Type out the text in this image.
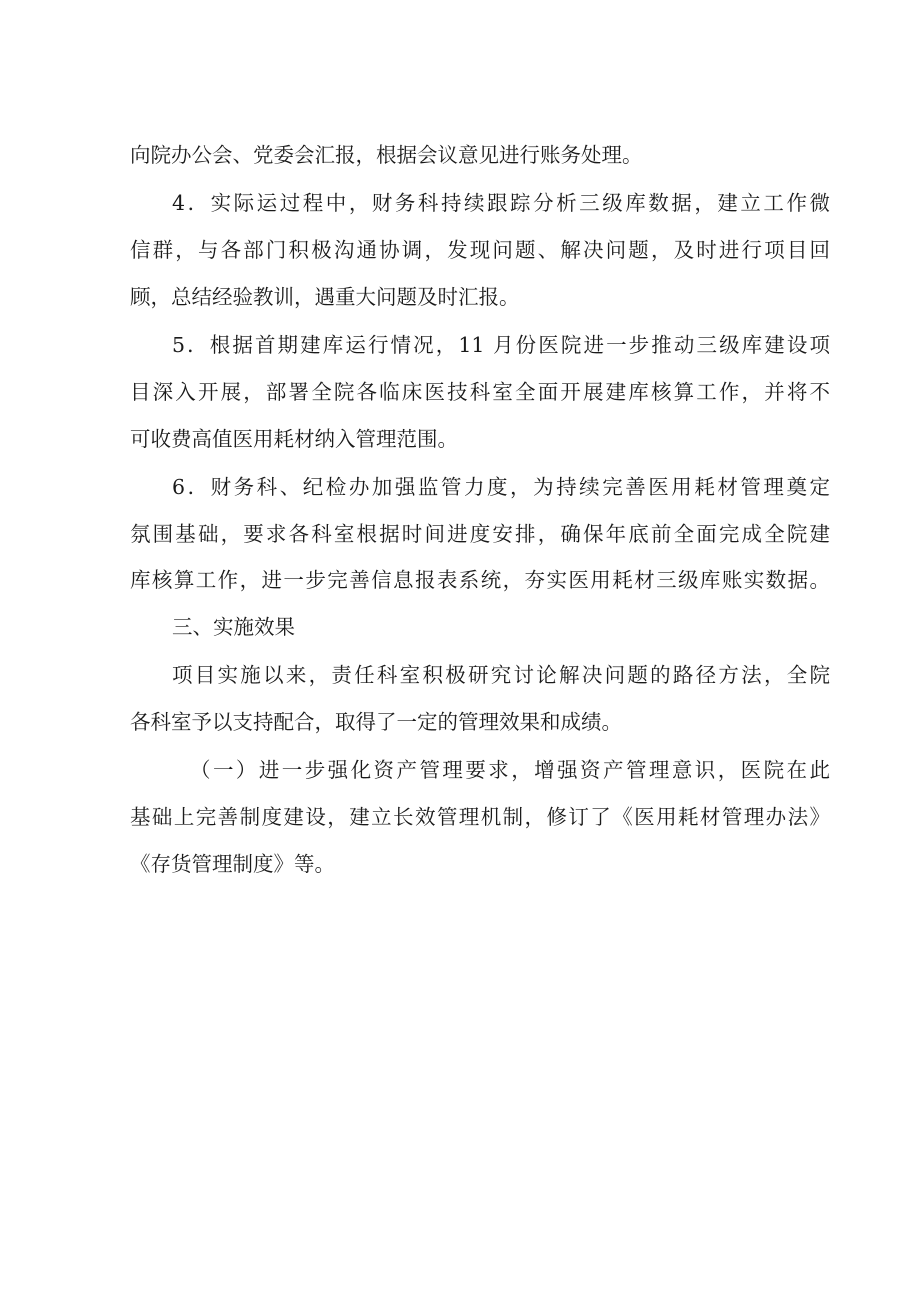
向院办公会、党委会汇报，根据会议意见进行账务处理。
4．实际运过程中，财务科持续跟踪分析三级库数据，建立工作微
信群，与各部门积极沟通协调，发现问题、解决问题，及时进行项目回
顾，总结经验教训，遇重大问题及时汇报。
5．根据首期建库运行情况，11 月份医院进一步推动三级库建设项
目深入开展，部署全院各临床医技科室全面开展建库核算工作，并将不
可收费高值医用耗材纳入管理范围。
6．财务科、纪检办加强监管力度，为持续完善医用耗材管理奠定
氛围基础，要求各科室根据时间进度安排，确保年底前全面完成全院建
库核算工作，进一步完善信息报表系统，夯实医用耗材三级库账实数据。
三、实施效果
项目实施以来，责任科室积极研究讨论解决问题的路径方法，全院
各科室予以支持配合，取得了一定的管理效果和成绩。
（一）进一步强化资产管理要求，增强资产管理意识，医院在此
基础上完善制度建设，建立长效管理机制，修订了《医用耗材管理办法》
《存货管理制度》等。
